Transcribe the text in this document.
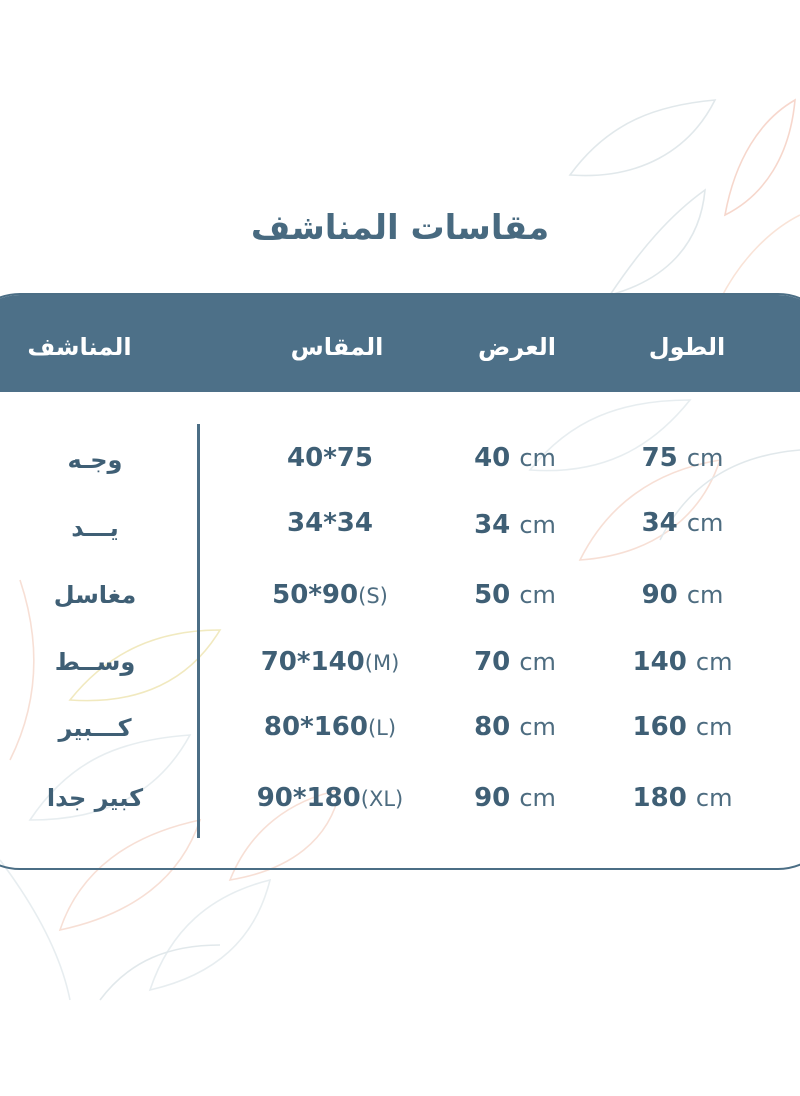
مقاسات المناشف
المناشف	المقاس	العرض	الطول
وجـه	40*75	40 cm	75 cm
يـــد	34*34	34 cm	34 cm
مغاسل	50*90(S)	50 cm	90 cm
وســط	70*140(M)	70 cm	140 cm
كـــبير	80*160(L)	80 cm	160 cm
كبير جدا	90*180(XL)	90 cm	180 cm
